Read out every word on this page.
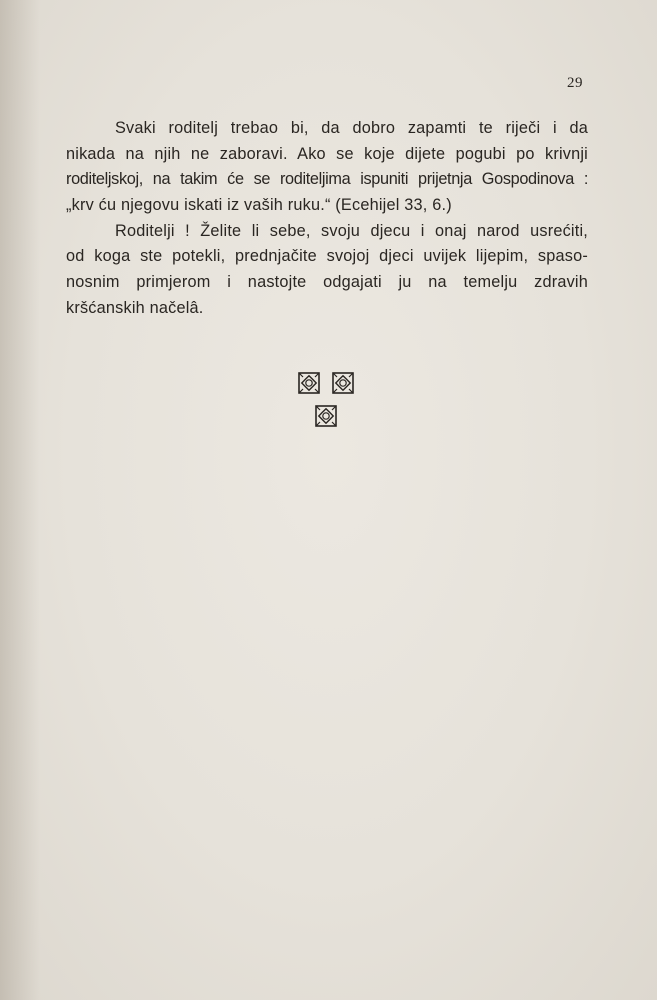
29
Svaki roditelj trebao bi, da dobro zapamti te riječi i da
nikada na njih ne zaboravi. Ako se koje dijete pogubi po krivnji
roditeljskoj, na takim će se roditeljima ispuniti prijetnja Gospodinova :
„krv ću njegovu iskati iz vaših ruku.“ (Ecehijel 33, 6.)
Roditelji ! Želite li sebe, svoju djecu i onaj narod usrećiti,
od koga ste potekli, prednjačite svojoj djeci uvijek lijepim, spaso-
nosnim primjerom i nastojte odgajati ju na temelju zdravih
kršćanskih načelâ.
